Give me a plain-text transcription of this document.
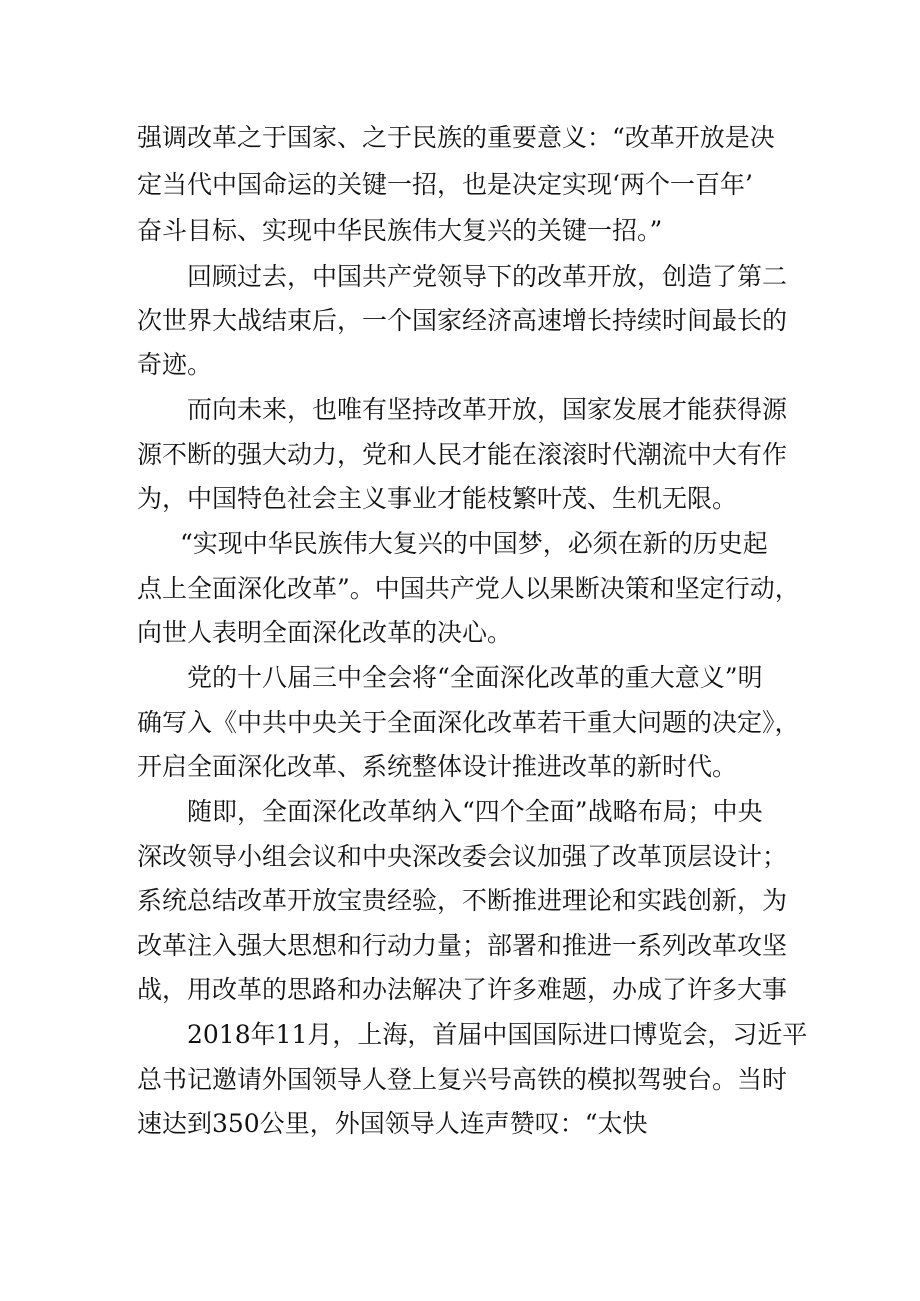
强调改革之于国家、之于民族的重要意义：“改革开放是决
定当代中国命运的关键一招，也是决定实现‘两个一百年’
奋斗目标、实现中华民族伟大复兴的关键一招。”
回顾过去，中国共产党领导下的改革开放，创造了第二
次世界大战结束后，一个国家经济高速增长持续时间最长的
奇迹。
而向未来，也唯有坚持改革开放，国家发展才能获得源
源不断的强大动力，党和人民才能在滚滚时代潮流中大有作
为，中国特色社会主义事业才能枝繁叶茂、生机无限。
“实现中华民族伟大复兴的中国梦，必须在新的历史起
点上全面深化改革”。中国共产党人以果断决策和坚定行动，
向世人表明全面深化改革的决心。
党的十八届三中全会将“全面深化改革的重大意义”明
确写入《中共中央关于全面深化改革若干重大问题的决定》，
开启全面深化改革、系统整体设计推进改革的新时代。
随即，全面深化改革纳入“四个全面”战略布局；中央
深改领导小组会议和中央深改委会议加强了改革顶层设计；
系统总结改革开放宝贵经验，不断推进理论和实践创新，为
改革注入强大思想和行动力量；部署和推进一系列改革攻坚
战，用改革的思路和办法解决了许多难题，办成了许多大事
2018年11月，上海，首届中国国际进口博览会，习近平
总书记邀请外国领导人登上复兴号高铁的模拟驾驶台。当时
速达到350公里，外国领导人连声赞叹：“太快
